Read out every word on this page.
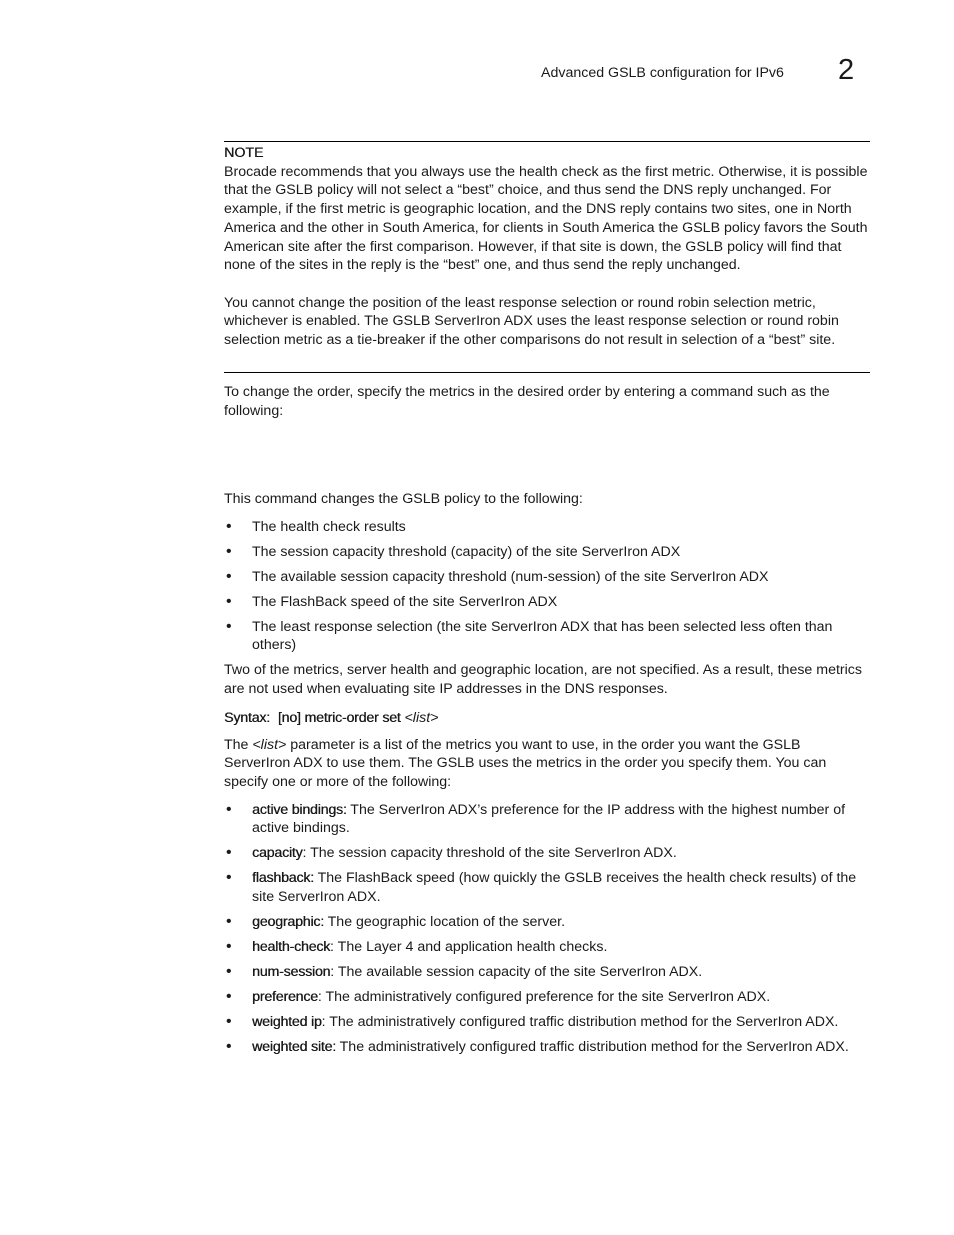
Advanced GSLB configuration for IPv6 2

NOTE

Brocade recommends that you always use the health check as the first metric. Otherwise, it is possible that the GSLB policy will not select a “best” choice, and thus send the DNS reply unchanged. For example, if the first metric is geographic location, and the DNS reply contains two sites, one in North America and the other in South America, for clients in South America the GSLB policy favors the South American site after the first comparison. However, if that site is down, the GSLB policy will find that none of the sites in the reply is the “best” one, and thus send the reply unchanged.

You cannot change the position of the least response selection or round robin selection metric, whichever is enabled. The GSLB ServerIron ADX uses the least response selection or round robin selection metric as a tie-breaker if the other comparisons do not result in selection of a “best” site.

To change the order, specify the metrics in the desired order by entering a command such as the following:

This command changes the GSLB policy to the following:

• The health check results
• The session capacity threshold (capacity) of the site ServerIron ADX
• The available session capacity threshold (num-session) of the site ServerIron ADX
• The FlashBack speed of the site ServerIron ADX
• The least response selection (the site ServerIron ADX that has been selected less often than others)

Two of the metrics, server health and geographic location, are not specified. As a result, these metrics are not used when evaluating site IP addresses in the DNS responses.

Syntax: [no] metric-order set <list>

The <list> parameter is a list of the metrics you want to use, in the order you want the GSLB ServerIron ADX to use them. The GSLB uses the metrics in the order you specify them. You can specify one or more of the following:

• active bindings: The ServerIron ADX’s preference for the IP address with the highest number of active bindings.
• capacity: The session capacity threshold of the site ServerIron ADX.
• flashback: The FlashBack speed (how quickly the GSLB receives the health check results) of the site ServerIron ADX.
• geographic: The geographic location of the server.
• health-check: The Layer 4 and application health checks.
• num-session: The available session capacity of the site ServerIron ADX.
• preference: The administratively configured preference for the site ServerIron ADX.
• weighted ip: The administratively configured traffic distribution method for the ServerIron ADX.
• weighted site: The administratively configured traffic distribution method for the ServerIron ADX.
